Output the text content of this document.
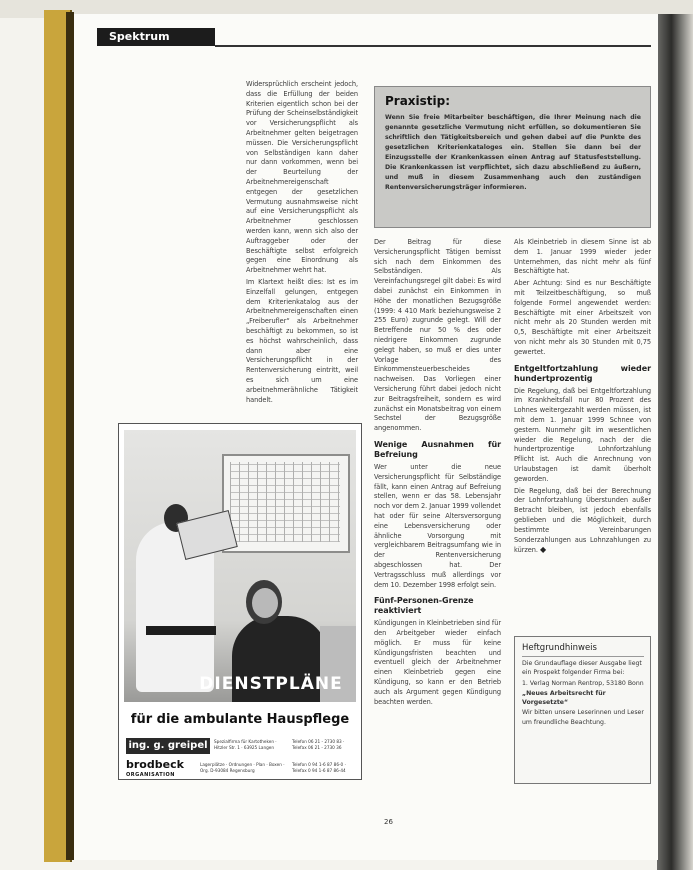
Spektrum

Widersprüchlich erscheint jedoch, dass die Erfüllung der beiden Kriterien eigentlich schon bei der Prüfung der Scheinselbständigkeit vor Versicherungspflicht als Arbeitnehmer gelten beigetragen müssen. Die Versicherungspflicht von Selbständigen kann daher nur dann vorkommen, wenn bei der Beurteilung der Arbeitnehmereigenschaft entgegen der gesetzlichen Vermutung ausnahmsweise nicht auf eine Versicherungspflicht als Arbeitnehmer geschlossen werden kann, wenn sich also der Auftraggeber oder der Beschäftigte selbst erfolgreich gegen eine Einordnung als Arbeitnehmer wehrt hat.

Im Klartext heißt dies: Ist es im Einzelfall gelungen, entgegen dem Kriterienkatalog aus der Arbeitnehmereigenschaften einen „Freiberufler“ als Arbeitnehmer beschäftigt zu bekommen, so ist es höchst wahrscheinlich, dass dann aber eine Versicherungspflicht in der Rentenversicherung eintritt, weil es sich um eine arbeitnehmerähnliche Tätigkeit handelt.

Praxistip:
Wenn Sie freie Mitarbeiter beschäftigen, die Ihrer Meinung nach die genannte gesetzliche Vermutung nicht erfüllen, so dokumentieren Sie schriftlich den Tätigkeitsbereich und gehen dabei auf die Punkte des gesetzlichen Kriterienkataloges ein. Stellen Sie dann bei der Einzugsstelle der Krankenkassen einen Antrag auf Statusfeststellung. Die Krankenkassen ist verpflichtet, sich dazu abschließend zu äußern, und muß in diesem Zusammenhang auch den zuständigen Rentenversicherungsträger informieren.

Der Beitrag für diese Versicherungspflicht Tätigen bemisst sich nach dem Einkommen des Selbständigen. Als Vereinfachungsregel gilt dabei: Es wird dabei zunächst ein Einkommen in Höhe der monatlichen Bezugsgröße (1999: 4 410 Mark beziehungsweise 2 255 Euro) zugrunde gelegt. Will der Betreffende nur 50 % des oder niedrigere Einkommen zugrunde gelegt haben, so muß er dies unter Vorlage des Einkommensteuerbescheides nachweisen. Das Vorliegen einer Versicherung führt dabei jedoch nicht zur Beitragsfreiheit, sondern es wird zunächst ein Monatsbeitrag von einem Sechstel der Bezugsgröße angenommen.

Wenige Ausnahmen für Befreiung

Wer unter die neue Versicherungspflicht für Selbständige fällt, kann einen Antrag auf Befreiung stellen, wenn er das 58. Lebensjahr noch vor dem 2. Januar 1999 vollendet hat oder für seine Altersversorgung eine Lebensversicherung oder ähnliche Vorsorgung mit vergleichbarem Beitragsumfang wie in der Rentenversicherung abgeschlossen hat. Der Vertragsschluss muß allerdings vor dem 10. Dezember 1998 erfolgt sein.

Fünf-Personen-Grenze reaktiviert

Kündigungen in Kleinbetrieben sind für den Arbeitgeber wieder einfach möglich. Er muss für keine Kündigungsfristen beachten und eventuell gleich der Arbeitnehmer einen Kleinbetrieb gegen eine Kündigung, so kann er den Betrieb auch als Argument gegen Kündigung beachten werden.

Als Kleinbetrieb in diesem Sinne ist ab dem 1. Januar 1999 wieder jeder Unternehmen, das nicht mehr als fünf Beschäftigte hat.

Aber Achtung: Sind es nur Beschäftigte mit Teilzeitbeschäftigung, so muß folgende Formel angewendet werden: Beschäftigte mit einer Arbeitszeit von nicht mehr als 20 Stunden werden mit 0,5, Beschäftigte mit einer Arbeitszeit von nicht mehr als 30 Stunden mit 0,75 gewertet.

Entgeltfortzahlung wieder hundertprozentig

Die Regelung, daß bei Entgeltfortzahlung im Krankheitsfall nur 80 Prozent des Lohnes weitergezahlt werden müssen, ist mit dem 1. Januar 1999 Schnee von gestern. Nunmehr gilt im wesentlichen wieder die Regelung, nach der die hundertprozentige Lohnfortzahlung Pflicht ist. Auch die Anrechnung von Urlaubstagen ist damit überholt geworden.

Die Regelung, daß bei der Berechnung der Lohnfortzahlung Überstunden außer Betracht bleiben, ist jedoch ebenfalls geblieben und die Möglichkeit, durch bestimmte Vereinbarungen Sonderzahlungen aus Lohnzahlungen zu kürzen. ◆

Heftgrundhinweis

Die Grundauflage dieser Ausgabe liegt ein Prospekt folgender Firma bei:

1. Verlag Norman Rentrop, 53180 Bonn

„Neues Arbeitsrecht für Vorgesetzte“

Wir bitten unsere Leserinnen und Leser um freundliche Beachtung.

DIENSTPLÄNE
für die ambulante Hauspflege
ing. g. greipel	Spezialfirma für Kartotheken · Hitzler Str. 1 · 63925 Langen
Telefon 06 21 - 2730 83 · Telefax 06 21 - 2730 36
brodbeck
ORGANISATION
Lagerplätze · Ordnungen · Plan · Boxen · Org. D-93084 Regensburg
Telefon 0 94 1-6 87 86-0 · Telefax 0 94 1-6 87 86-44
26
